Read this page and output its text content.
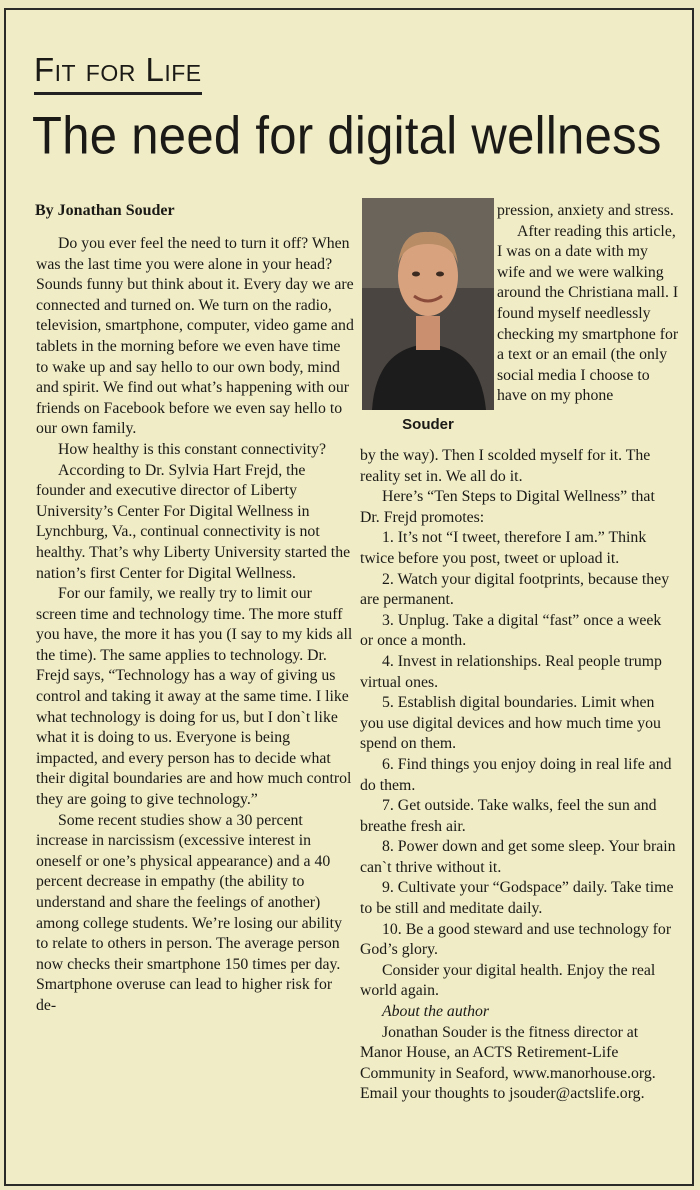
Fit for Life
The need for digital wellness
By Jonathan Souder

Do you ever feel the need to turn it off? When was the last time you were alone in your head? Sounds funny but think about it. Every day we are connected and turned on. We turn on the radio, television, smartphone, computer, video game and tablets in the morning before we even have time to wake up and say hello to our own body, mind and spirit. We find out what’s happening with our friends on Facebook before we even say hello to our own family.

How healthy is this constant connectivity?

According to Dr. Sylvia Hart Frejd, the founder and executive director of Liberty University’s Center For Digital Wellness in Lynchburg, Va., continual connectivity is not healthy. That’s why Liberty University started the nation’s first Center for Digital Wellness.

For our family, we really try to limit our screen time and technology time. The more stuff you have, the more it has you (I say to my kids all the time). The same applies to technology. Dr. Frejd says, “Technology has a way of giving us control and taking it away at the same time. I like what technology is doing for us, but I don`t like what it is doing to us. Everyone is being impacted, and every person has to decide what their digital boundaries are and how much control they are going to give technology.”

Some recent studies show a 30 percent increase in narcissism (excessive interest in oneself or one’s physical appearance) and a 40 percent decrease in empathy (the ability to understand and share the feelings of another) among college students. We’re losing our ability to relate to others in person. The average person now checks their smartphone 150 times per day. Smartphone overuse can lead to higher risk for de-

Souder

pression, anxiety and stress.

After reading this article, I was on a date with my wife and we were walking around the Christiana mall. I found myself needlessly checking my smartphone for a text or an email (the only social media I choose to have on my phone

by the way). Then I scolded myself for it. The reality set in. We all do it.

Here’s “Ten Steps to Digital Wellness” that Dr. Frejd promotes:

1. It’s not “I tweet, therefore I am.” Think twice before you post, tweet or upload it.

2. Watch your digital footprints, because they are permanent.

3. Unplug. Take a digital “fast” once a week or once a month.

4. Invest in relationships. Real people trump virtual ones.

5. Establish digital boundaries. Limit when you use digital devices and how much time you spend on them.

6. Find things you enjoy doing in real life and do them.

7. Get outside. Take walks, feel the sun and breathe fresh air.

8. Power down and get some sleep. Your brain can`t thrive without it.

9. Cultivate your “Godspace” daily. Take time to be still and meditate daily.

10. Be a good steward and use technology for God’s glory.

Consider your digital health. Enjoy the real world again.

About the author

Jonathan Souder is the fitness director at Manor House, an ACTS Retirement-Life Community in Seaford, www.manorhouse.org. Email your thoughts to jsouder@actslife.org.
